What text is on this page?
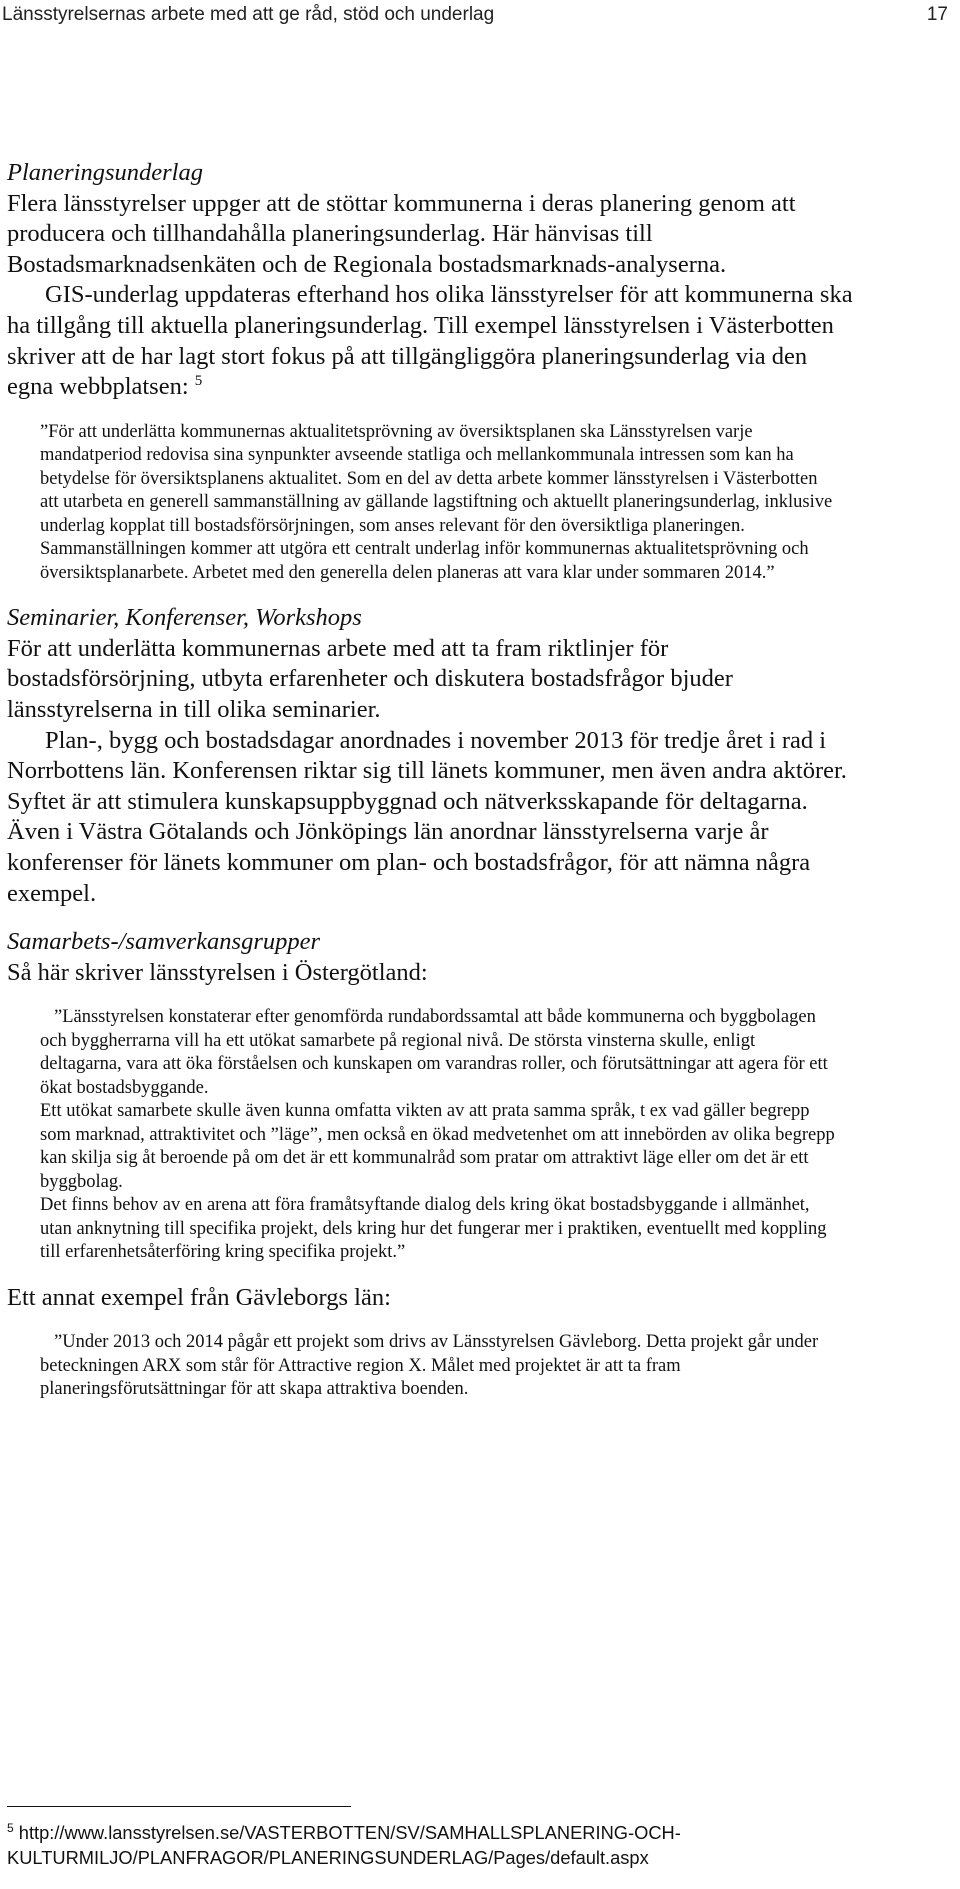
Länsstyrelsernas arbete med att ge råd, stöd och underlag	17

Planeringsunderlag

Flera länsstyrelser uppger att de stöttar kommunerna i deras planering genom att producera och tillhandahålla planeringsunderlag. Här hänvisas till Bostadsmarknadsenkäten och de Regionala bostadsmarknads-analyserna.

GIS-underlag uppdateras efterhand hos olika länsstyrelser för att kommunerna ska ha tillgång till aktuella planeringsunderlag. Till exempel länsstyrelsen i Västerbotten skriver att de har lagt stort fokus på att tillgängliggöra planeringsunderlag via den egna webbplatsen: $^5$

”För att underlätta kommunernas aktualitetsprövning av översiktsplanen ska Länsstyrelsen varje mandatperiod redovisa sina synpunkter avseende statliga och mellankommunala intressen som kan ha betydelse för översiktsplanens aktualitet. Som en del av detta arbete kommer länsstyrelsen i Västerbotten att utarbeta en generell sammanställning av gällande lagstiftning och aktuellt planeringsunderlag, inklusive underlag kopplat till bostadsförsörjningen, som anses relevant för den översiktliga planeringen. Sammanställningen kommer att utgöra ett centralt underlag inför kommunernas aktualitetsprövning och översiktsplanarbete. Arbetet med den generella delen planeras att vara klar under sommaren 2014.”

Seminarier, Konferenser, Workshops

För att underlätta kommunernas arbete med att ta fram riktlinjer för bostadsförsörjning, utbyta erfarenheter och diskutera bostadsfrågor bjuder länsstyrelserna in till olika seminarier.

Plan-, bygg och bostadsdagar anordnades i november 2013 för tredje året i rad i Norrbottens län. Konferensen riktar sig till länets kommuner, men även andra aktörer. Syftet är att stimulera kunskapsuppbyggnad och nätverksskapande för deltagarna. Även i Västra Götalands och Jönköpings län anordnar länsstyrelserna varje år konferenser för länets kommuner om plan- och bostadsfrågor, för att nämna några exempel.

Samarbets-/samverkansgrupper

Så här skriver länsstyrelsen i Östergötland:

”Länsstyrelsen konstaterar efter genomförda rundabordssamtal att både kommunerna och byggbolagen och byggherrarna vill ha ett utökat samarbete på regional nivå. De största vinsterna skulle, enligt deltagarna, vara att öka förståelsen och kunskapen om varandras roller, och förutsättningar att agera för ett ökat bostadsbyggande.

Ett utökat samarbete skulle även kunna omfatta vikten av att prata samma språk, t ex vad gäller begrepp som marknad, attraktivitet och ”läge”, men också en ökad medvetenhet om att innebörden av olika begrepp kan skilja sig åt beroende på om det är ett kommunalråd som pratar om attraktivt läge eller om det är ett byggbolag.

Det finns behov av en arena att föra framåtsyftande dialog dels kring ökat bostadsbyggande i allmänhet, utan anknytning till specifika projekt, dels kring hur det fungerar mer i praktiken, eventuellt med koppling till erfarenhetsåterföring kring specifika projekt.”

Ett annat exempel från Gävleborgs län:

”Under 2013 och 2014 pågår ett projekt som drivs av Länsstyrelsen Gävleborg. Detta projekt går under beteckningen ARX som står för Attractive region X. Målet med projektet är att ta fram planeringsförutsättningar för att skapa attraktiva boenden.

$^5$ http://www.lansstyrelsen.se/VASTERBOTTEN/SV/SAMHALLSPLANERING-OCH-KULTURMILJO/PLANFRAGOR/PLANERINGSUNDERLAG/Pages/default.aspx
